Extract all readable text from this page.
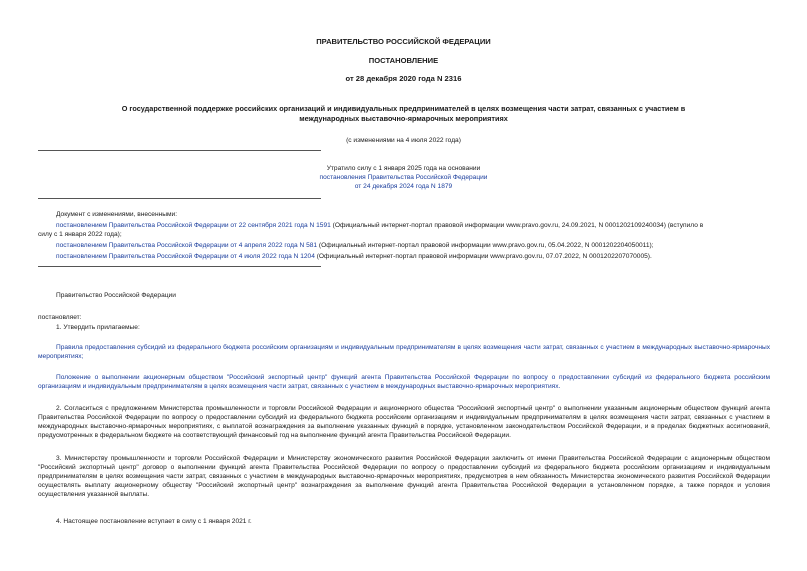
ПРАВИТЕЛЬСТВО РОССИЙСКОЙ ФЕДЕРАЦИИ
ПОСТАНОВЛЕНИЕ
от 28 декабря 2020 года N 2316
О государственной поддержке российских организаций и индивидуальных предпринимателей в целях возмещения части затрат, связанных с участием в
международных выставочно-ярмарочных мероприятиях
(с изменениями на 4 июля 2022 года)
Утратило силу с 1 января 2025 года на основании
постановления Правительства Российской Федерации
от 24 декабря 2024 года N 1879
Документ с изменениями, внесенными:
постановлением Правительства Российской Федерации от 22 сентября 2021 года N 1591 (Официальный интернет-портал правовой информации www.pravo.gov.ru, 24.09.2021, N 0001202109240034) (вступило в
силу с 1 января 2022 года);
постановлением Правительства Российской Федерации от 4 апреля 2022 года N 581 (Официальный интернет-портал правовой информации www.pravo.gov.ru, 05.04.2022, N 0001202204050011);
постановлением Правительства Российской Федерации от 4 июля 2022 года N 1204 (Официальный интернет-портал правовой информации www.pravo.gov.ru, 07.07.2022, N 0001202207070005).
Правительство Российской Федерации
постановляет:
1. Утвердить прилагаемые:

Правила предоставления субсидий из федерального бюджета российским организациям и индивидуальным предпринимателям в целях возмещения части затрат, связанных с участием в международных выставочно-ярмарочных мероприятиях;

Положение о выполнении акционерным обществом "Российский экспортный центр" функций агента Правительства Российской Федерации по вопросу о предоставлении субсидий из федерального бюджета российским организациям и индивидуальным предпринимателям в целях возмещения части затрат, связанных с участием в международных выставочно-ярмарочных мероприятиях.

2. Согласиться с предложением Министерства промышленности и торговли Российской Федерации и акционерного общества "Российский экспортный центр" о выполнении указанным акционерным обществом функций агента Правительства Российской Федерации по вопросу о предоставлении субсидий из федерального бюджета российским организациям и индивидуальным предпринимателям в целях возмещения части затрат, связанных с участием в международных выставочно-ярмарочных мероприятиях, с выплатой вознаграждения за выполнение указанных функций в порядке, установленном законодательством Российской Федерации, и в пределах бюджетных ассигнований, предусмотренных в федеральном бюджете на соответствующий финансовый год на выполнение функций агента Правительства Российской Федерации.

3. Министерству промышленности и торговли Российской Федерации и Министерству экономического развития Российской Федерации заключить от имени Правительства Российской Федерации с акционерным обществом "Российский экспортный центр" договор о выполнении функций агента Правительства Российской Федерации по вопросу о предоставлении субсидий из федерального бюджета российским организациям и индивидуальным предпринимателям в целях возмещения части затрат, связанных с участием в международных выставочно-ярмарочных мероприятиях, предусмотрев в нем обязанность Министерства экономического развития Российской Федерации осуществлять выплату акционерному обществу "Российский экспортный центр" вознаграждения за выполнение функций агента Правительства Российской Федерации в установленном порядке, а также порядок и условия осуществления указанной выплаты.

4. Настоящее постановление вступает в силу с 1 января 2021 г.
